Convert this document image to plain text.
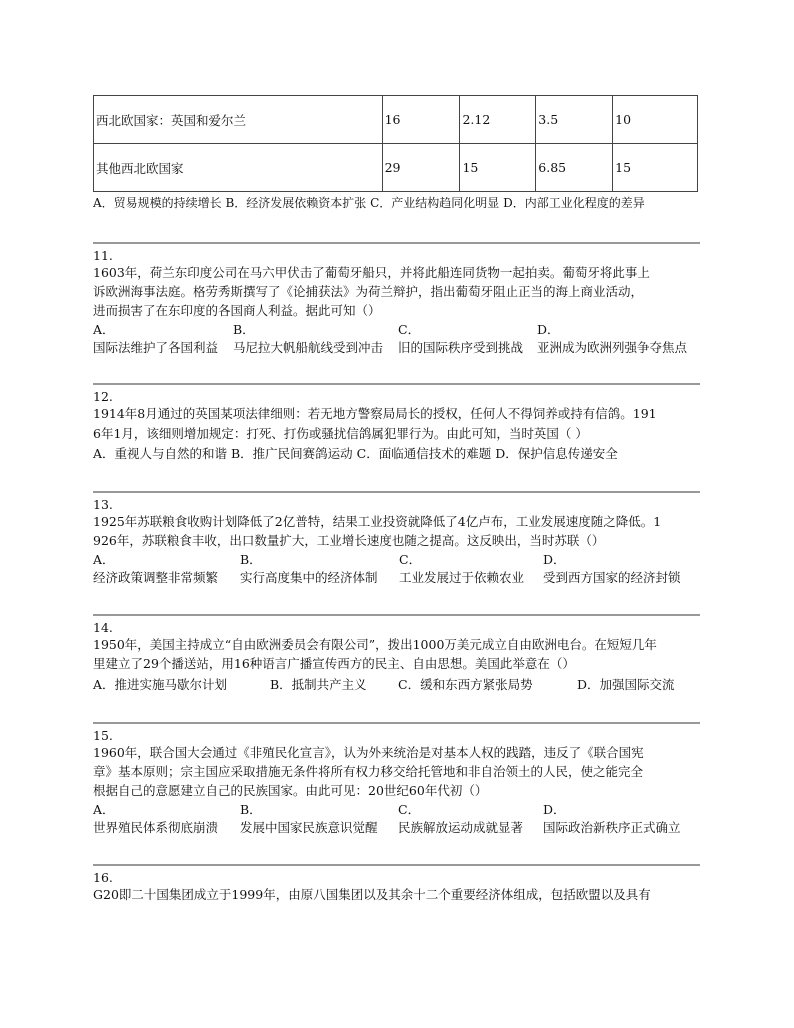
西北欧国家：英国和爱尔兰	16	2.12	3.5	10
其他西北欧国家	29	15	6.85	15
A．贸易规模的持续增长 B．经济发展依赖资本扩张 C．产业结构趋同化明显 D．内部工业化程度的差异
11.
1603年，荷兰东印度公司在马六甲伏击了葡萄牙船只，并将此船连同货物一起拍卖。葡萄牙将此事上
诉欧洲海事法庭。格劳秀斯撰写了《论捕获法》为荷兰辩护，指出葡萄牙阻止正当的海上商业活动，
进而损害了在东印度的各国商人利益。据此可知（）
A．	B．	C．	D．
国际法维护了各国利益 马尼拉大帆船航线受到冲击 旧的国际秩序受到挑战 亚洲成为欧洲列强争夺焦点
12.
1914年8月通过的英国某项法律细则：若无地方警察局局长的授权，任何人不得饲养或持有信鸽。191
6年1月，该细则增加规定：打死、打伤或骚扰信鸽属犯罪行为。由此可知，当时英国（ ）
A．重视人与自然的和谐 B．推广民间赛鸽运动 C．面临通信技术的难题 D．保护信息传递安全
13.
1925年苏联粮食收购计划降低了2亿普特，结果工业投资就降低了4亿卢布，工业发展速度随之降低。1
926年，苏联粮食丰收，出口数量扩大，工业增长速度也随之提高。这反映出，当时苏联（）
A．	B．	C．	D．
经济政策调整非常频繁 实行高度集中的经济体制 工业发展过于依赖农业 受到西方国家的经济封锁
14.
1950年，美国主持成立“自由欧洲委员会有限公司”，拨出1000万美元成立自由欧洲电台。在短短几年
里建立了29个播送站，用16种语言广播宣传西方的民主、自由思想。美国此举意在（）
A．推进实施马歇尔计划	B．抵制共产主义	C．缓和东西方紧张局势	D．加强国际交流
15.
1960年，联合国大会通过《非殖民化宣言》，认为外来统治是对基本人权的践踏，违反了《联合国宪
章》基本原则；宗主国应采取措施无条件将所有权力移交给托管地和非自治领土的人民，使之能完全
根据自己的意愿建立自己的民族国家。由此可见：20世纪60年代初（）
A．	B．	C．	D．
世界殖民体系彻底崩溃 发展中国家民族意识觉醒 民族解放运动成就显著 国际政治新秩序正式确立
16.
G20即二十国集团成立于1999年，由原八国集团以及其余十二个重要经济体组成，包括欧盟以及具有
